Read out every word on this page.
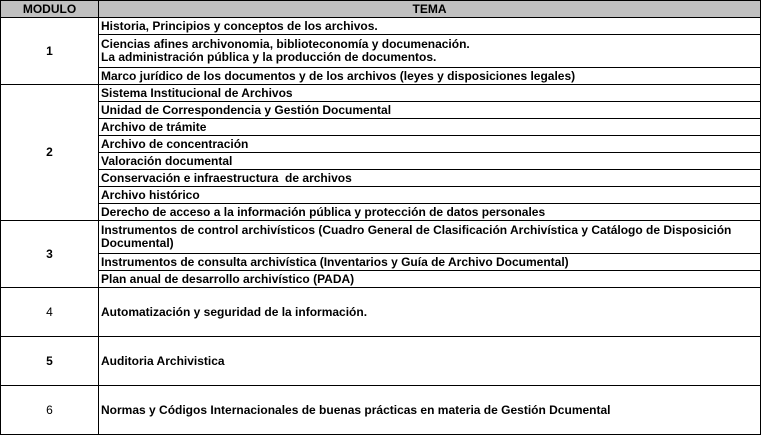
MODULO	TEMA
1	Historia, Principios y conceptos de los archivos.
	Ciencias afines archivonomia, biblioteconomía y documenación.
La administración pública y la producción de documentos.
	Marco jurídico de los documentos y de los archivos (leyes y disposiciones legales)
2	Sistema Institucional de Archivos
	Unidad de Correspondencia y Gestión Documental
	Archivo de trámite
	Archivo de concentración
	Valoración documental
	Conservación e infraestructura  de archivos
	Archivo histórico
	Derecho de acceso a la información pública y protección de datos personales
3	Instrumentos de control archivísticos (Cuadro General de Clasificación Archivística y Catálogo de Disposición Documental)
	Instrumentos de consulta archivística (Inventarios y Guía de Archivo Documental)
	Plan anual de desarrollo archivístico (PADA)
4	Automatización y seguridad de la información.
5	Auditoria Archivistica
6	Normas y Códigos Internacionales de buenas prácticas en materia de Gestión Dcumental
